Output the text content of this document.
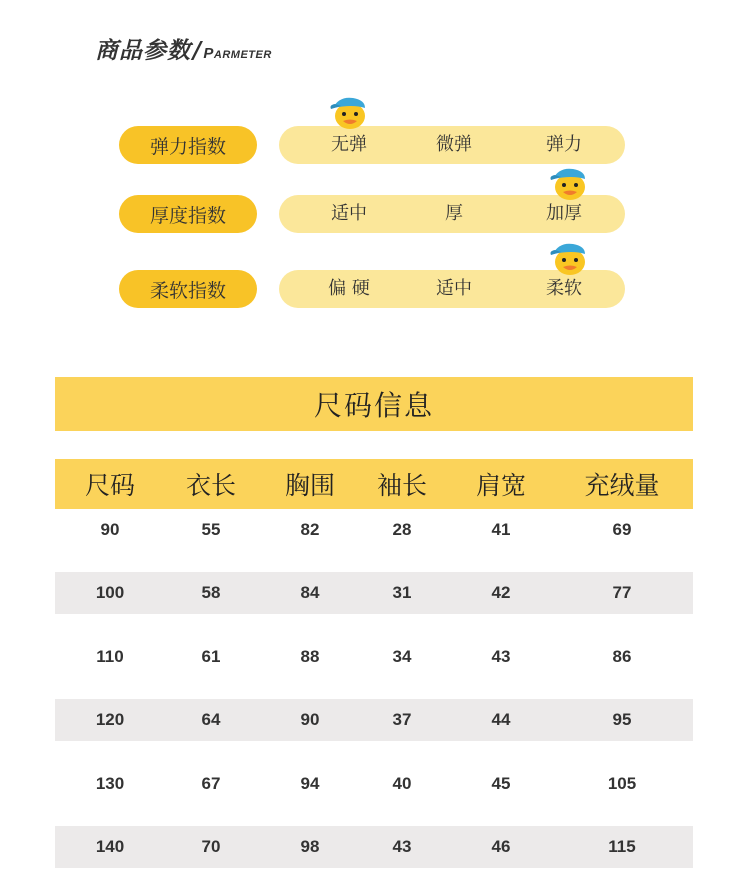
商品参数 / Parmeter
弹力指数	无弹	微弹	弹力
厚度指数	适中	厚	加厚
柔软指数	偏 硬	适中	柔软
尺码信息
尺码	衣长	胸围	袖长	肩宽	充绒量
90	55	82	28	41	69
100	58	84	31	42	77
110	61	88	34	43	86
120	64	90	37	44	95
130	67	94	40	45	105
140	70	98	43	46	115
